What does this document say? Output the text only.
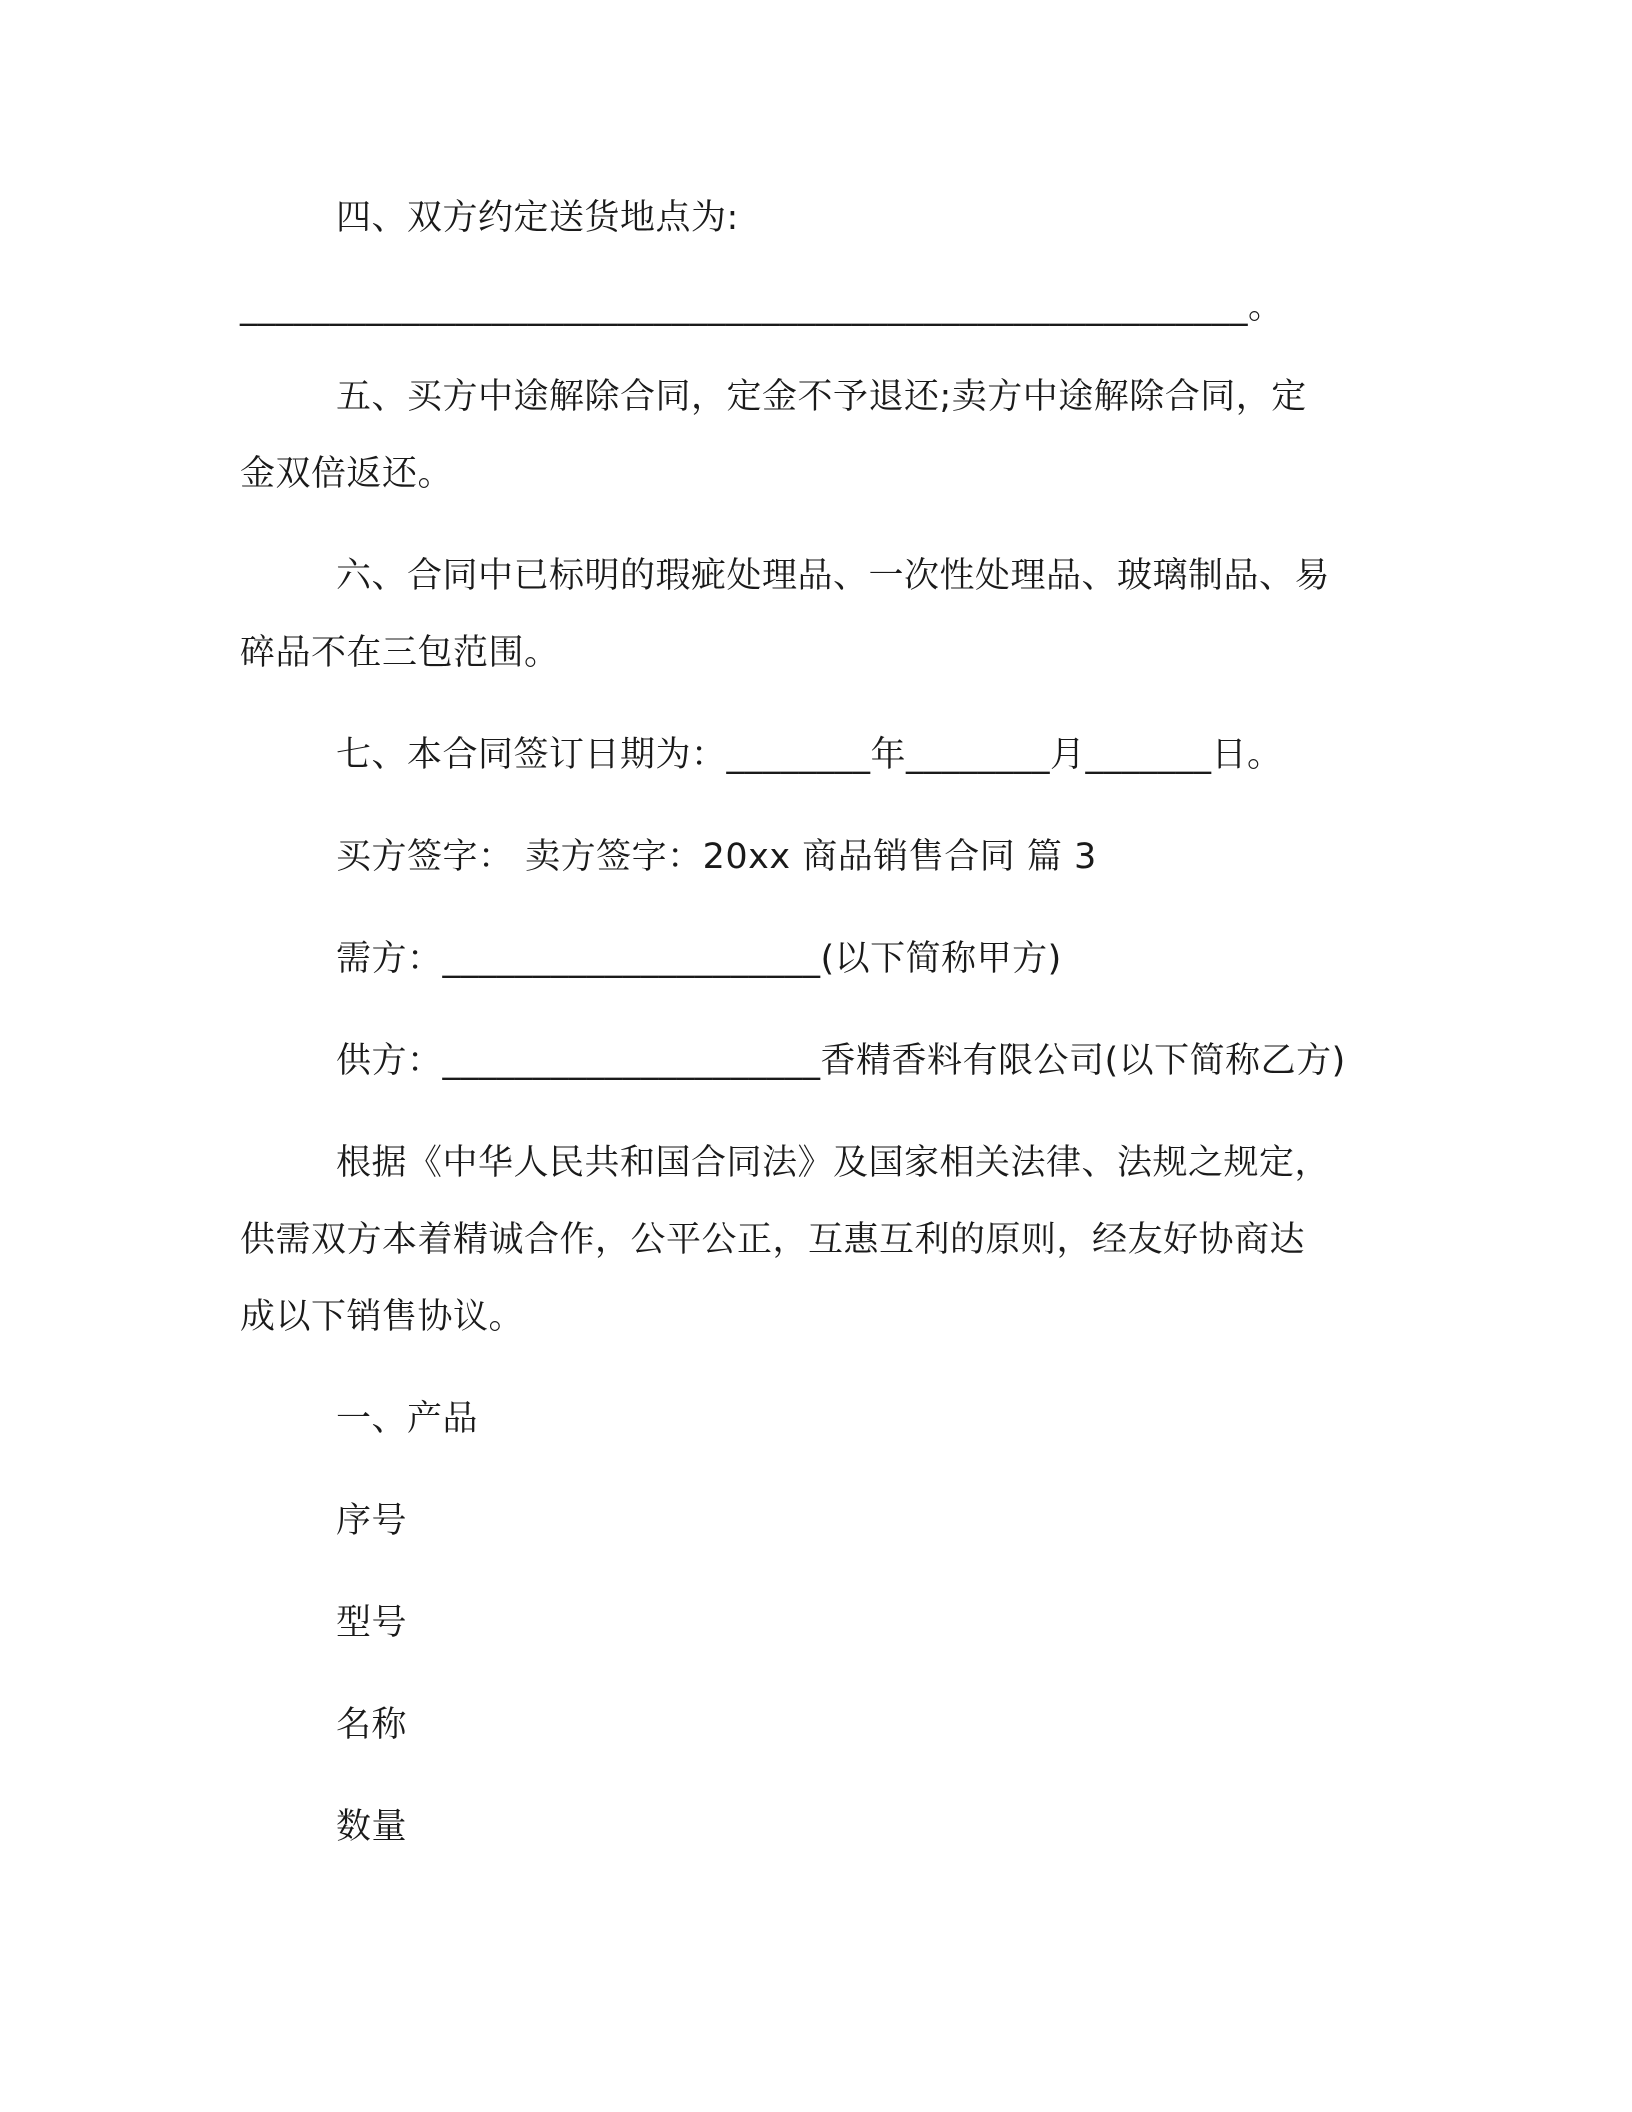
四、双方约定送货地点为:
________________________________________________________。
五、买方中途解除合同，定金不予退还;卖方中途解除合同，定
金双倍返还。
六、合同中已标明的瑕疵处理品、一次性处理品、玻璃制品、易
碎品不在三包范围。
七、本合同签订日期为：________年________月_______日。
买方签字： 卖方签字：20xx 商品销售合同 篇 3
需方：_____________________(以下简称甲方)
供方：_____________________香精香料有限公司(以下简称乙方)
根据《中华人民共和国合同法》及国家相关法律、法规之规定，
供需双方本着精诚合作，公平公正，互惠互利的原则，经友好协商达
成以下销售协议。
一、产品
序号
型号
名称
数量
